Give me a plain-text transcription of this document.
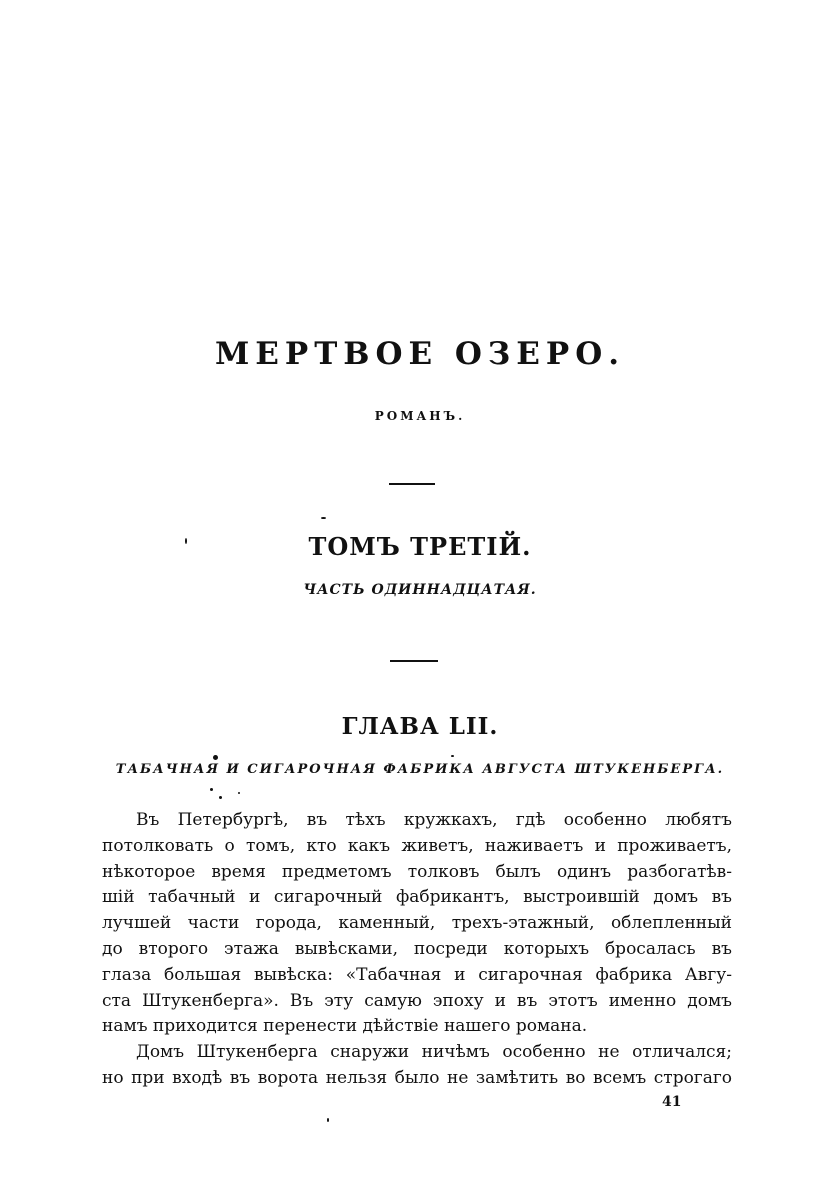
МЕРТВОЕ ОЗЕРО.
РОМАНЪ.
ТОМЪ ТРЕТІЙ.
ЧАСТЬ ОДИННАДЦАТАЯ.
ГЛАВА LII.
ТАБАЧНАЯ И СИГАРОЧНАЯ ФАБРИКА АВГУСТА ШТУКЕНБЕРГА.
Въ Петербургѣ, въ тѣхъ кружкахъ, гдѣ особенно любятъ
потолковать о томъ, кто какъ живетъ, наживаетъ и проживаетъ,
нѣкоторое время предметомъ толковъ былъ одинъ разбогатѣв-
шій табачный и сигарочный фабрикантъ, выстроившій домъ въ
лучшей части города, каменный, трехъ-этажный, облепленный
до второго этажа вывѣсками, посреди которыхъ бросалась въ
глаза большая вывѣска: «Табачная и сигарочная фабрика Авгу-
ста Штукенберга». Въ эту самую эпоху и въ этотъ именно домъ
намъ приходится перенести дѣйствіе нашего романа.
Домъ Штукенберга снаружи ничѣмъ особенно не отличался;
но при входѣ въ ворота нельзя было не замѣтить во всемъ строгаго
41
